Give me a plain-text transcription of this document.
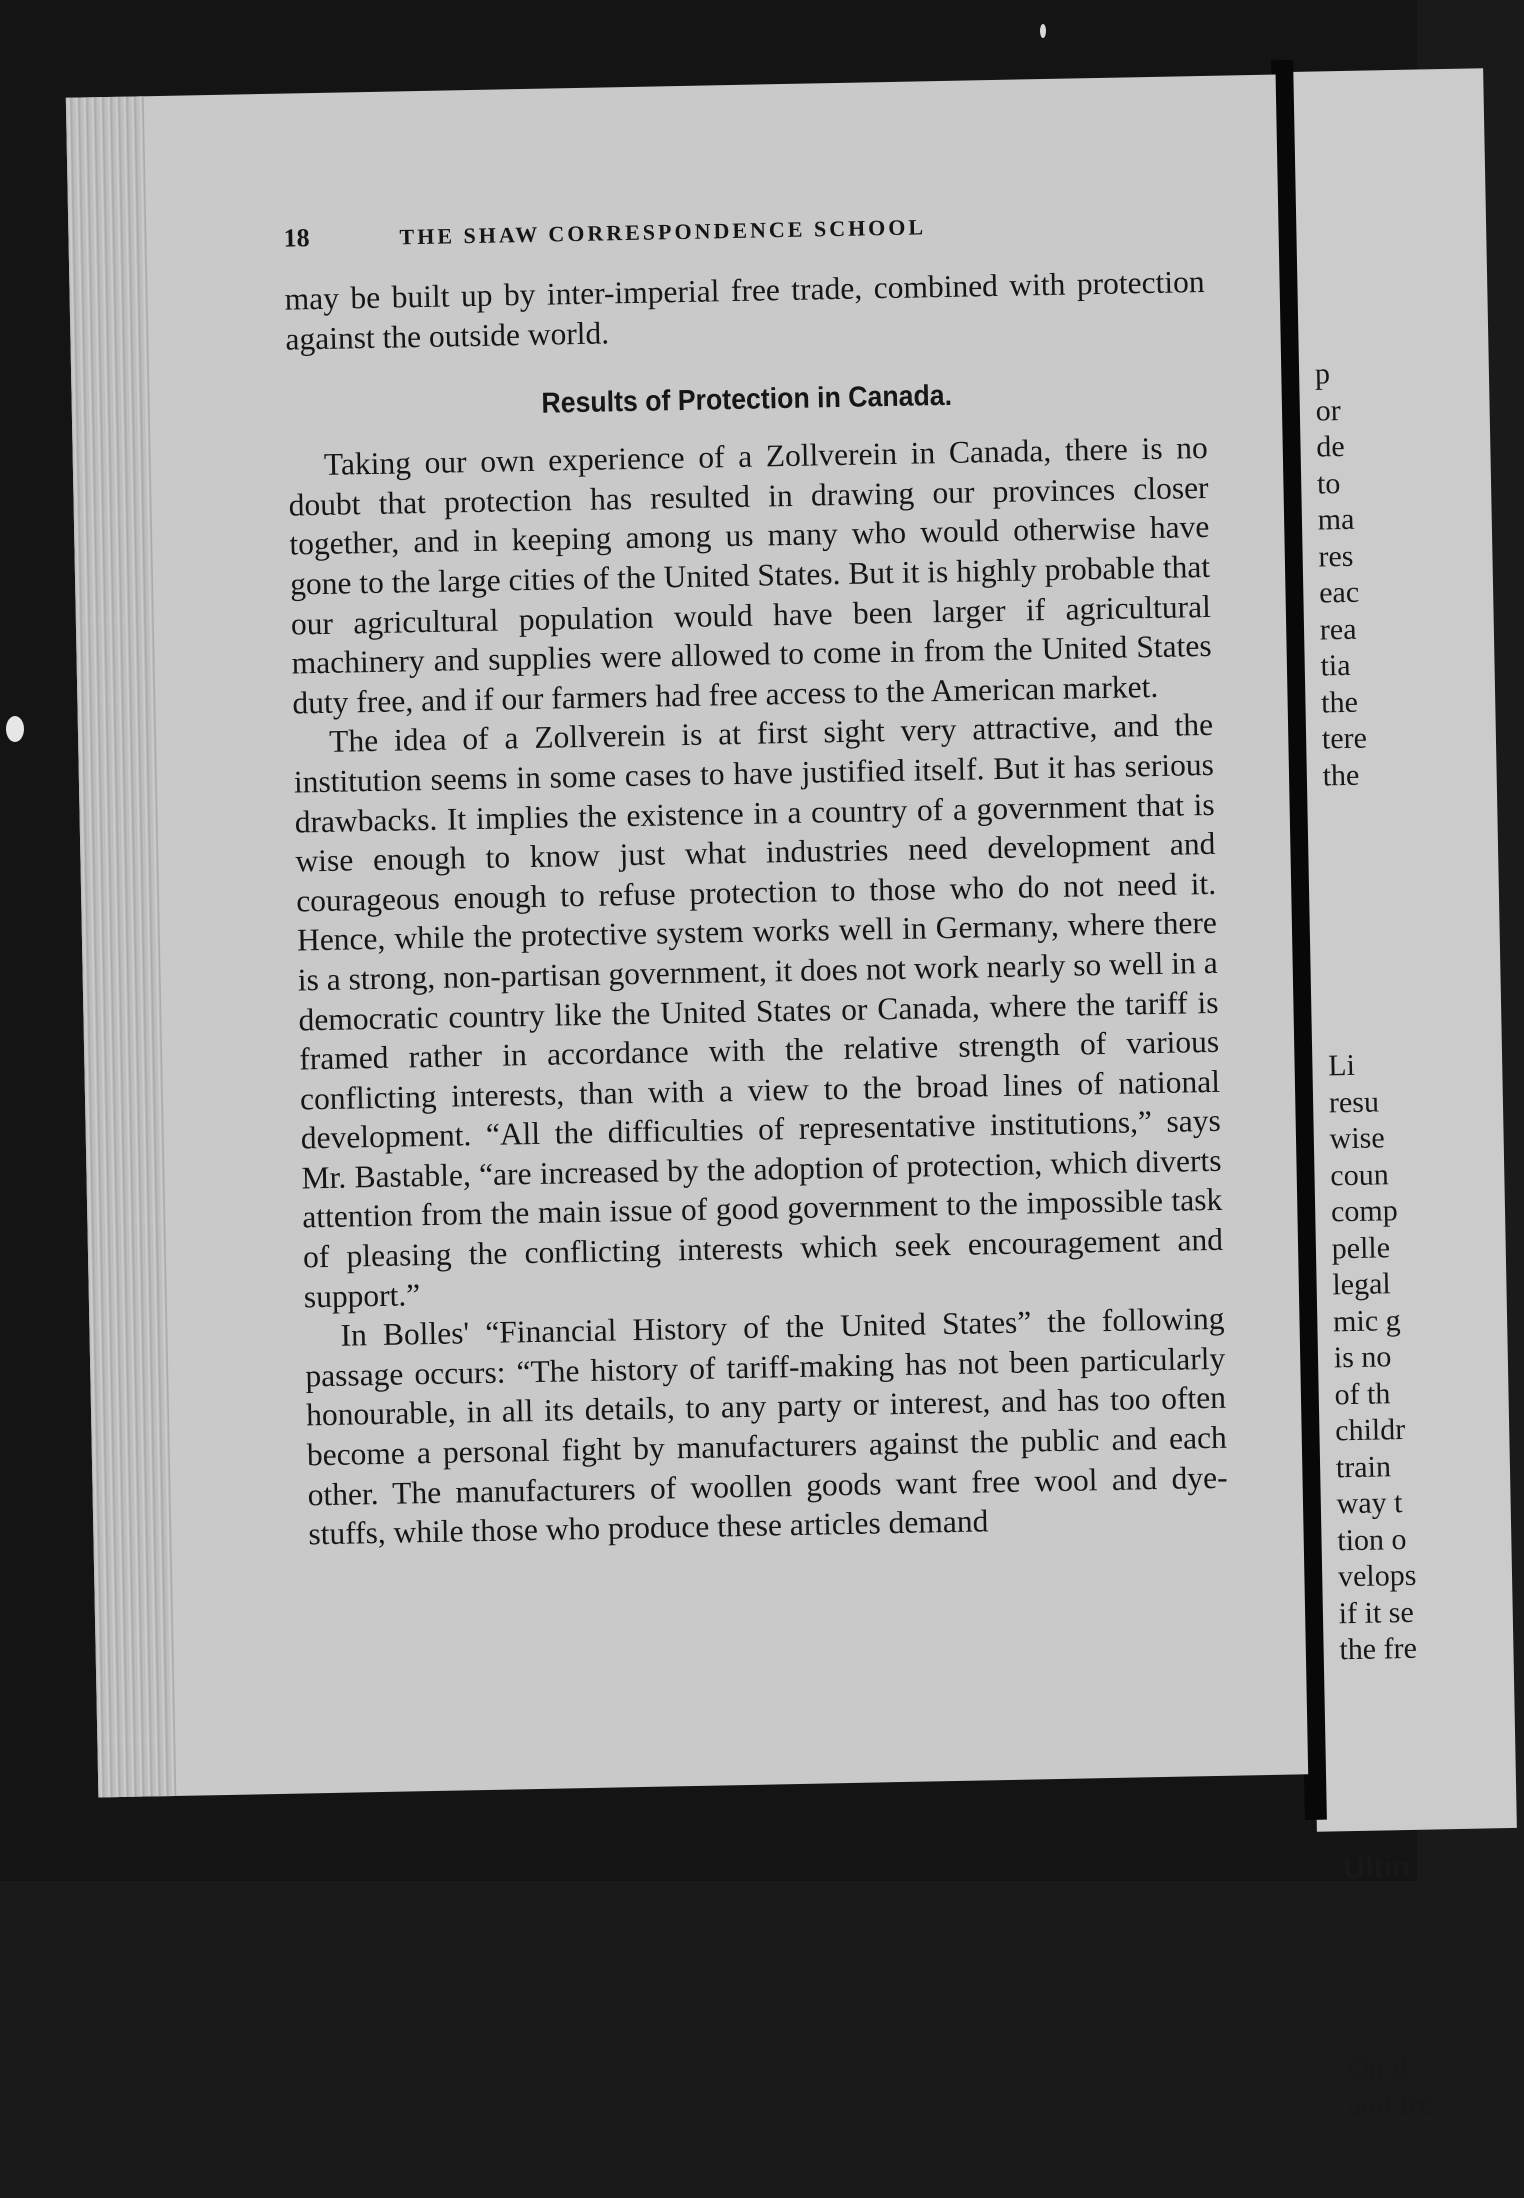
p
or
de
to
ma
res
eac
rea
tia
the
tere
the

Li
resu
wise
coun
comp
pelle
legal
mic g
is no
of th
childr
train
way t
tion o
velops
if it se
the fre

Ultin

On tl
and fre

18	THE SHAW CORRESPONDENCE SCHOOL

may be built up by inter-imperial free trade, combined with protection against the outside world.

Results of Protection in Canada.

Taking our own experience of a Zollverein in Canada, there is no doubt that protection has resulted in drawing our provinces closer together, and in keeping among us many who would otherwise have gone to the large cities of the United States. But it is highly probable that our agricultural population would have been larger if agricultural machinery and supplies were allowed to come in from the United States duty free, and if our farmers had free access to the American market.

The idea of a Zollverein is at first sight very attractive, and the institution seems in some cases to have justified itself. But it has serious drawbacks. It implies the existence in a country of a government that is wise enough to know just what industries need development and courageous enough to refuse protection to those who do not need it. Hence, while the protective system works well in Germany, where there is a strong, non-partisan government, it does not work nearly so well in a democratic country like the United States or Canada, where the tariff is framed rather in accordance with the relative strength of various conflicting interests, than with a view to the broad lines of national development. “All the difficulties of representative institutions,” says Mr. Bastable, “are increased by the adoption of protection, which diverts attention from the main issue of good government to the impossible task of pleasing the conflicting interests which seek encouragement and support.”

In Bolles' “Financial History of the United States” the following passage occurs: “The history of tariff-making has not been particularly honourable, in all its details, to any party or interest, and has too often become a personal fight by manufacturers against the public and each other. The manufacturers of woollen goods want free wool and dye-stuffs, while those who produce these articles demand
